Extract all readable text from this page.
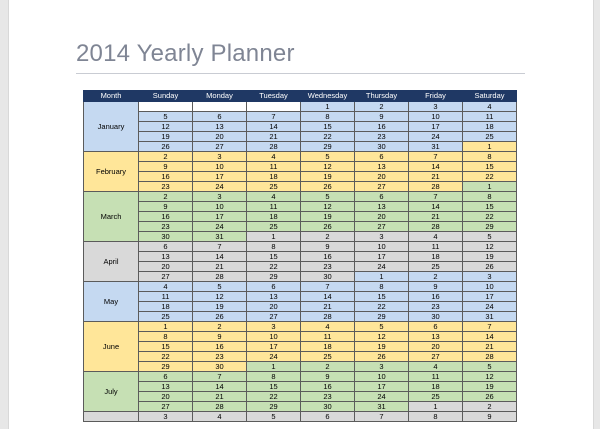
2014 Yearly Planner
Month	Sunday	Monday	Tuesday	Wednesday	Thursday	Friday	Saturday
January				1	2	3	4
	5	6	7	8	9	10	11
	12	13	14	15	16	17	18
	19	20	21	22	23	24	25
	26	27	28	29	30	31	1
February	2	3	4	5	6	7	8
	9	10	11	12	13	14	15
	16	17	18	19	20	21	22
	23	24	25	26	27	28	1
March	2	3	4	5	6	7	8
	9	10	11	12	13	14	15
	16	17	18	19	20	21	22
	23	24	25	26	27	28	29
	30	31	1	2	3	4	5
April	6	7	8	9	10	11	12
	13	14	15	16	17	18	19
	20	21	22	23	24	25	26
	27	28	29	30	1	2	3
May	4	5	6	7	8	9	10
	11	12	13	14	15	16	17
	18	19	20	21	22	23	24
	25	26	27	28	29	30	31
June	1	2	3	4	5	6	7
	8	9	10	11	12	13	14
	15	16	17	18	19	20	21
	22	23	24	25	26	27	28
	29	30	1	2	3	4	5
July	6	7	8	9	10	11	12
	13	14	15	16	17	18	19
	20	21	22	23	24	25	26
	27	28	29	30	31	1	2
	3	4	5	6	7	8	9
